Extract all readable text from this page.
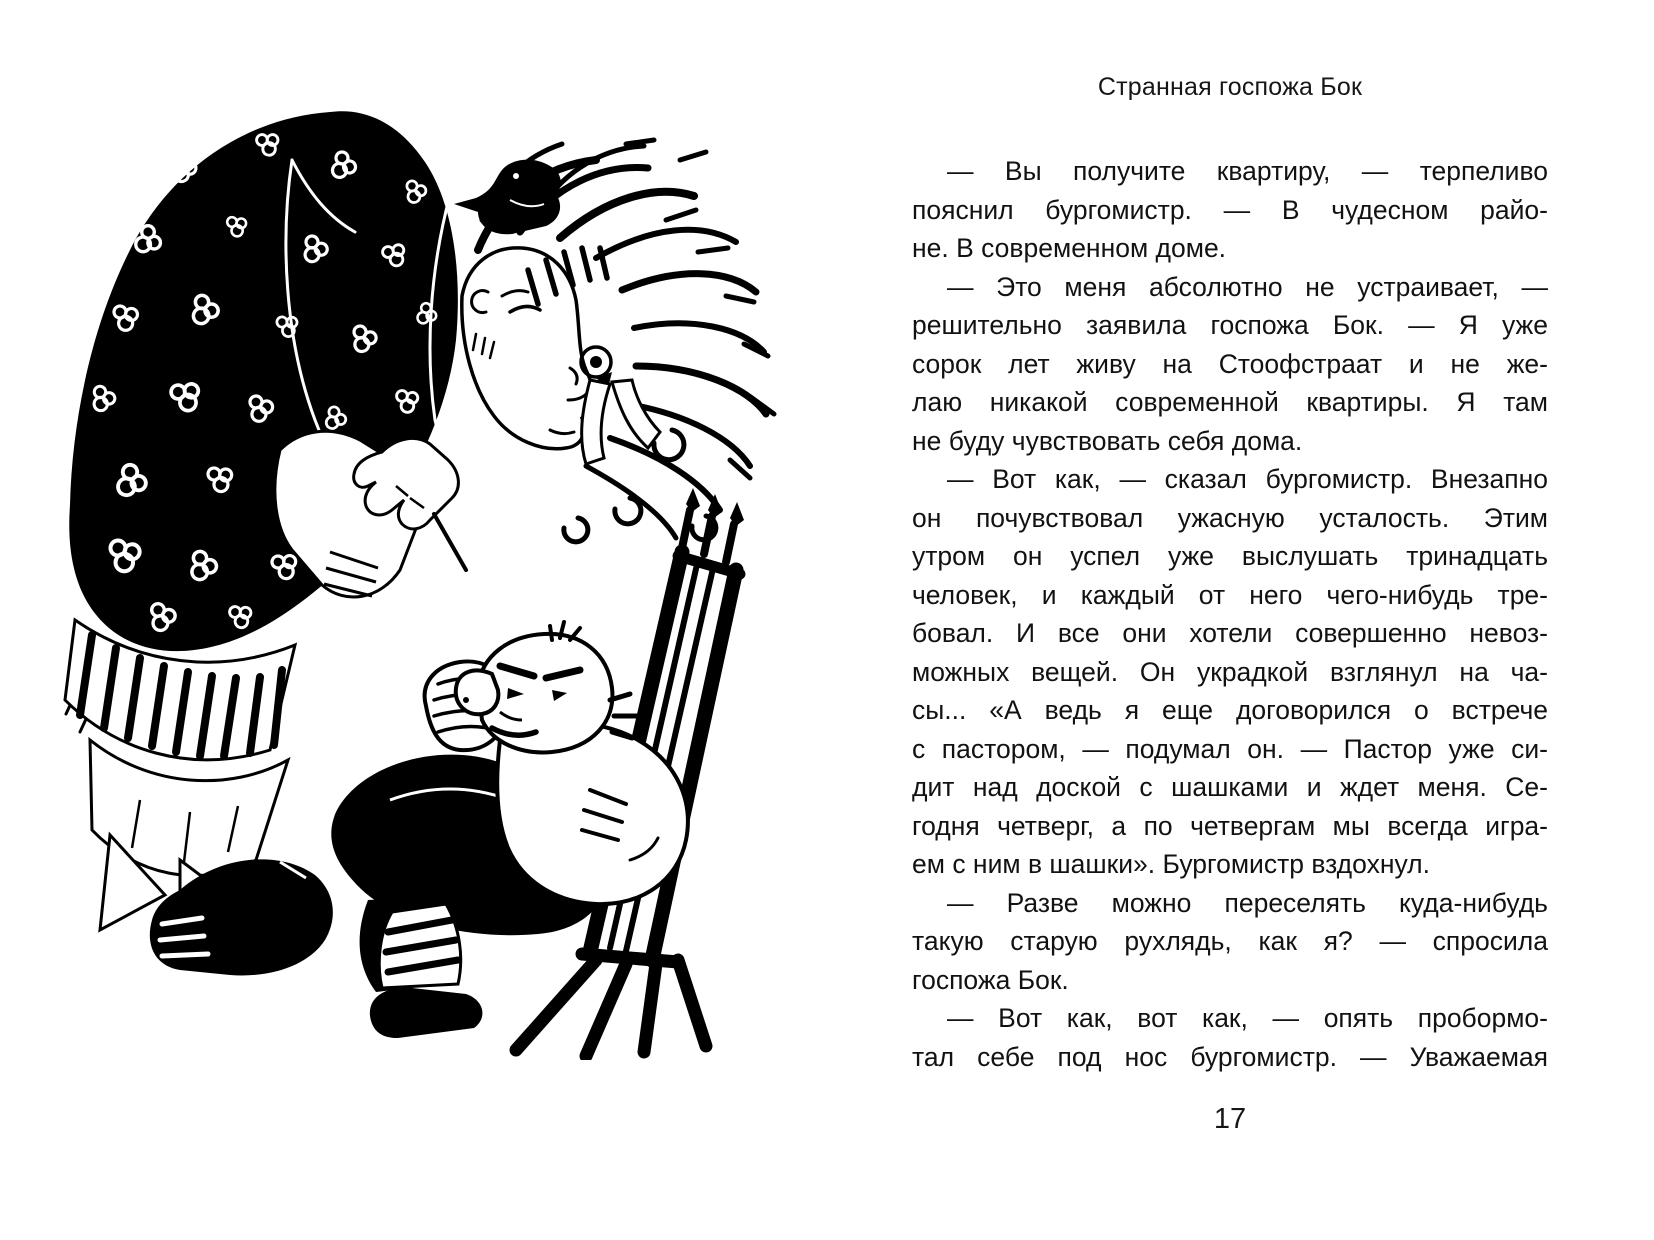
Странная госпожа Бок
— Вы получите квартиру, — терпеливо
пояснил бургомистр. — В чудесном райо-
не. В современном доме.
— Это меня абсолютно не устраивает, —
решительно заявила госпожа Бок. — Я уже
сорок лет живу на Стоофстраат и не же-
лаю никакой современной квартиры. Я там
не буду чувствовать себя дома.
— Вот как, — сказал бургомистр. Внезапно
он почувствовал ужасную усталость. Этим
утром он успел уже выслушать тринадцать
человек, и каждый от него чего-нибудь тре-
бовал. И все они хотели совершенно невоз-
можных вещей. Он украдкой взглянул на ча-
сы... «А ведь я еще договорился о встрече
с пастором, — подумал он. — Пастор уже си-
дит над доской с шашками и ждет меня. Се-
годня четверг, а по четвергам мы всегда игра-
ем с ним в шашки». Бургомистр вздохнул.
— Разве можно переселять куда-нибудь
такую старую рухлядь, как я? — спросила
госпожа Бок.
— Вот как, вот как, — опять пробормо-
тал себе под нос бургомистр. — Уважаемая
17
